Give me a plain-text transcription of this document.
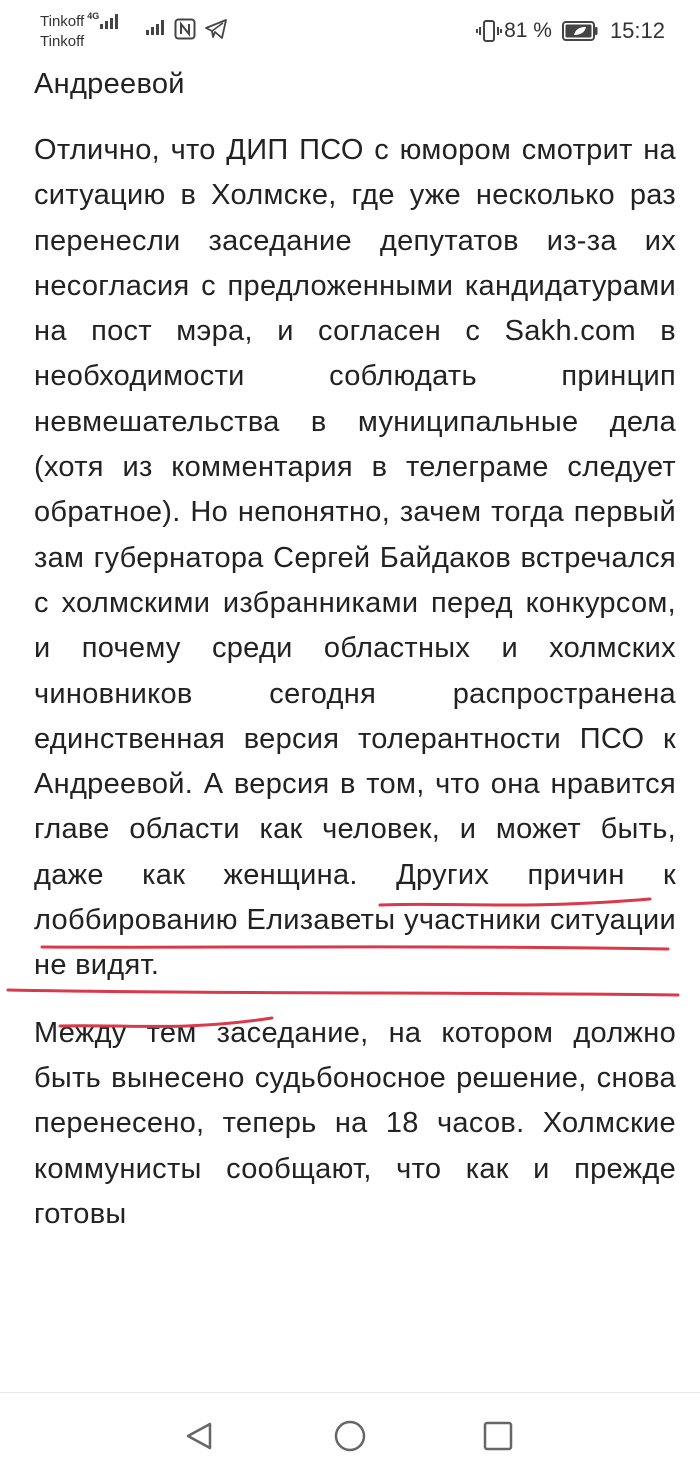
Tinkoff 4G
Tinkoff	81 %	15:12
Андреевой

Отлично, что ДИП ПСО с юмором смотрит на ситуацию в Холмске, где уже несколько раз перенесли заседание депутатов из-за их несогласия с предложенными кандидатурами на пост мэра, и согласен с Sakh.com в необходимости соблюдать принцип невмешательства в муниципальные дела (хотя из комментария в телеграме следует обратное). Но непонятно, зачем тогда первый зам губернатора Сергей Байдаков встречался с холмскими избранниками перед конкурсом, и почему среди областных и холмских чиновников сегодня распространена единственная версия толерантности ПСО к Андреевой. А версия в том, что она нравится главе области как человек, и может быть, даже как женщина. Других причин к лоббированию Елизаветы участники ситуации не видят.

Между тем заседание, на котором должно быть вынесено судьбоносное решение, снова перенесено, теперь на 18 часов. Холмские коммунисты сообщают, что как и прежде готовы
